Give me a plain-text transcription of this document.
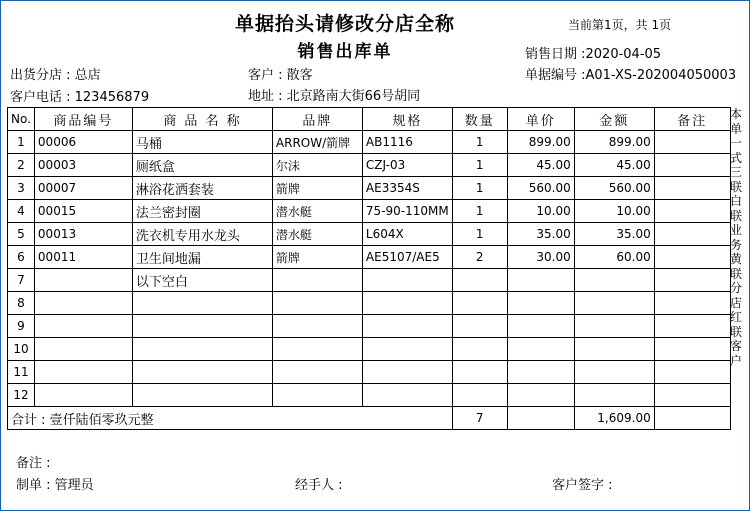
单据抬头请修改分店全称	当前第1页，共 1页
销售出库单	销售日期 :2020-04-05
出货分店 : 总店	客户 : 散客	单据编号 :A01-XS-202004050003
客户电话 : 123456879	地址 : 北京路南大街66号胡同
No.	商品编号	商 品 名 称	品牌	规格	数量	单价	金额	备注
1	00006	马桶	ARROW/箭牌	AB1116	1	899.00	899.00	
2	00003	厕纸盒	尔沫	CZJ-03	1	45.00	45.00	
3	00007	淋浴花洒套装	箭牌	AE3354S	1	560.00	560.00	
4	00015	法兰密封圈	潜水艇	75-90-110MM	1	10.00	10.00	
5	00013	洗衣机专用水龙头	潜水艇	L604X	1	35.00	35.00	
6	00011	卫生间地漏	箭牌	AE5107/AE5	2	30.00	60.00	
7		以下空白						
8								
9								
10								
11								
12								
合计 : 壹仟陆佰零玖元整					7		1,609.00	
本单一式三联 白联业务 黄联分店 红联客户
备注 :
制单 : 管理员	经手人 :	客户签字 :
